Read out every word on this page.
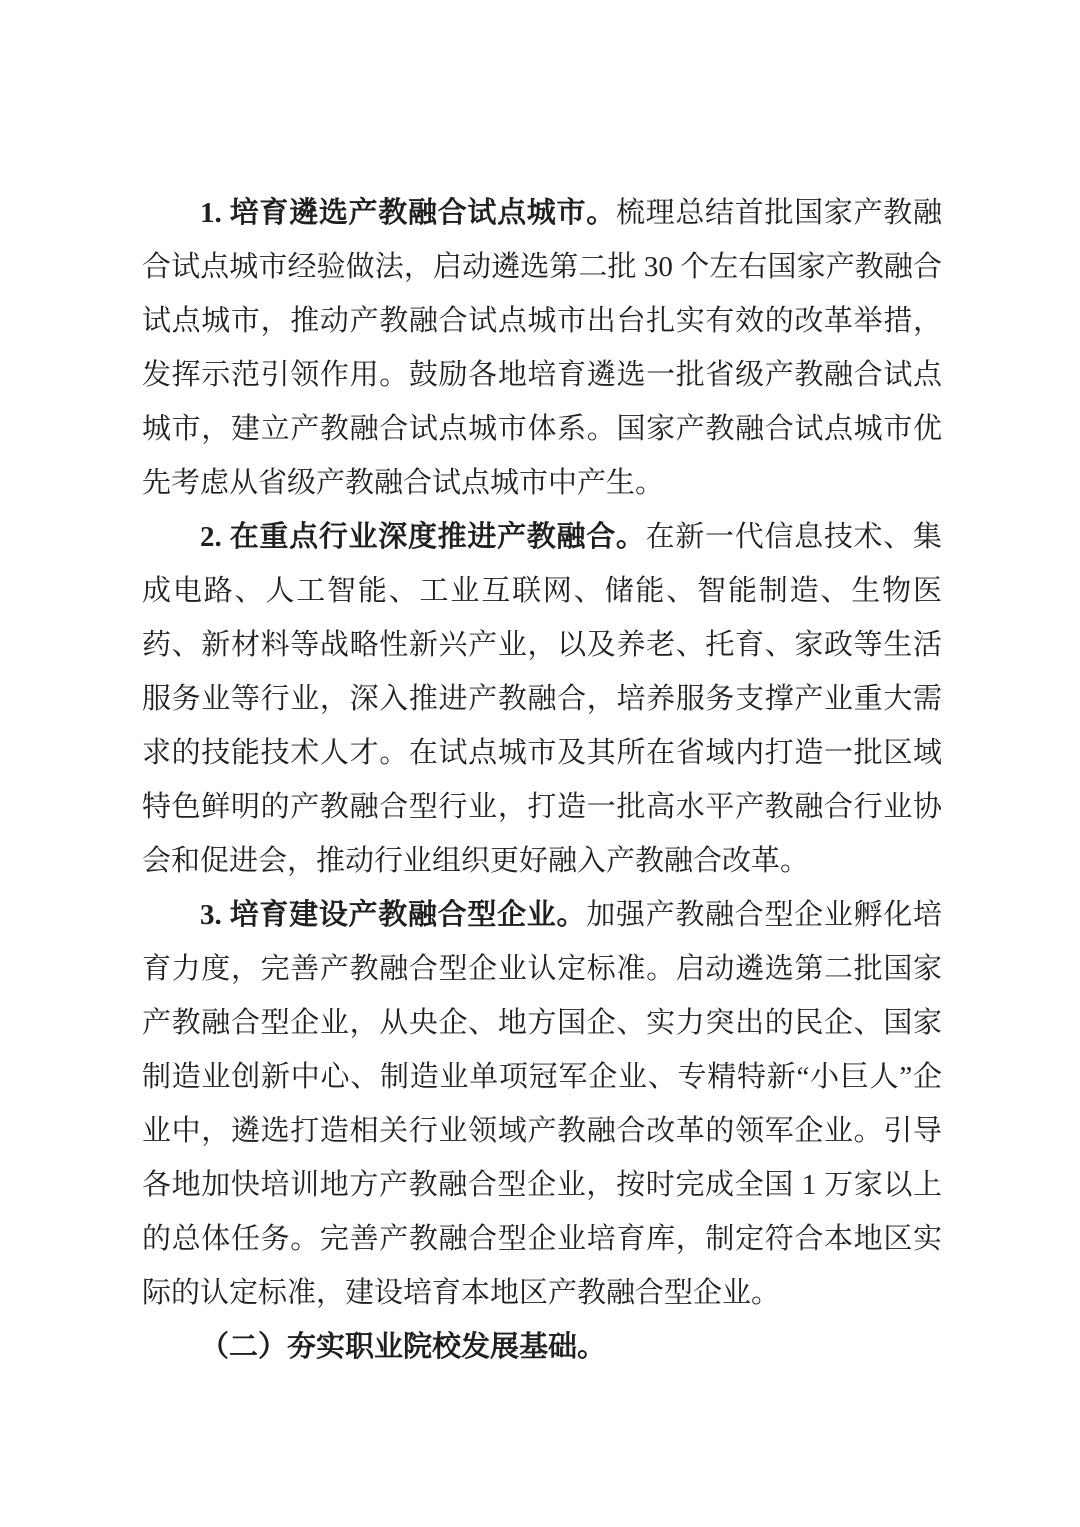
1. 培育遴选产教融合试点城市。梳理总结首批国家产教融合试点城市经验做法，启动遴选第二批 30 个左右国家产教融合试点城市，推动产教融合试点城市出台扎实有效的改革举措，发挥示范引领作用。鼓励各地培育遴选一批省级产教融合试点城市，建立产教融合试点城市体系。国家产教融合试点城市优先考虑从省级产教融合试点城市中产生。

2. 在重点行业深度推进产教融合。在新一代信息技术、集成电路、人工智能、工业互联网、储能、智能制造、生物医药、新材料等战略性新兴产业，以及养老、托育、家政等生活服务业等行业，深入推进产教融合，培养服务支撑产业重大需求的技能技术人才。在试点城市及其所在省域内打造一批区域特色鲜明的产教融合型行业，打造一批高水平产教融合行业协会和促进会，推动行业组织更好融入产教融合改革。

3. 培育建设产教融合型企业。加强产教融合型企业孵化培育力度，完善产教融合型企业认定标准。启动遴选第二批国家产教融合型企业，从央企、地方国企、实力突出的民企、国家制造业创新中心、制造业单项冠军企业、专精特新“小巨人”企业中，遴选打造相关行业领域产教融合改革的领军企业。引导各地加快培训地方产教融合型企业，按时完成全国 1 万家以上的总体任务。完善产教融合型企业培育库，制定符合本地区实际的认定标准，建设培育本地区产教融合型企业。

（二）夯实职业院校发展基础。
